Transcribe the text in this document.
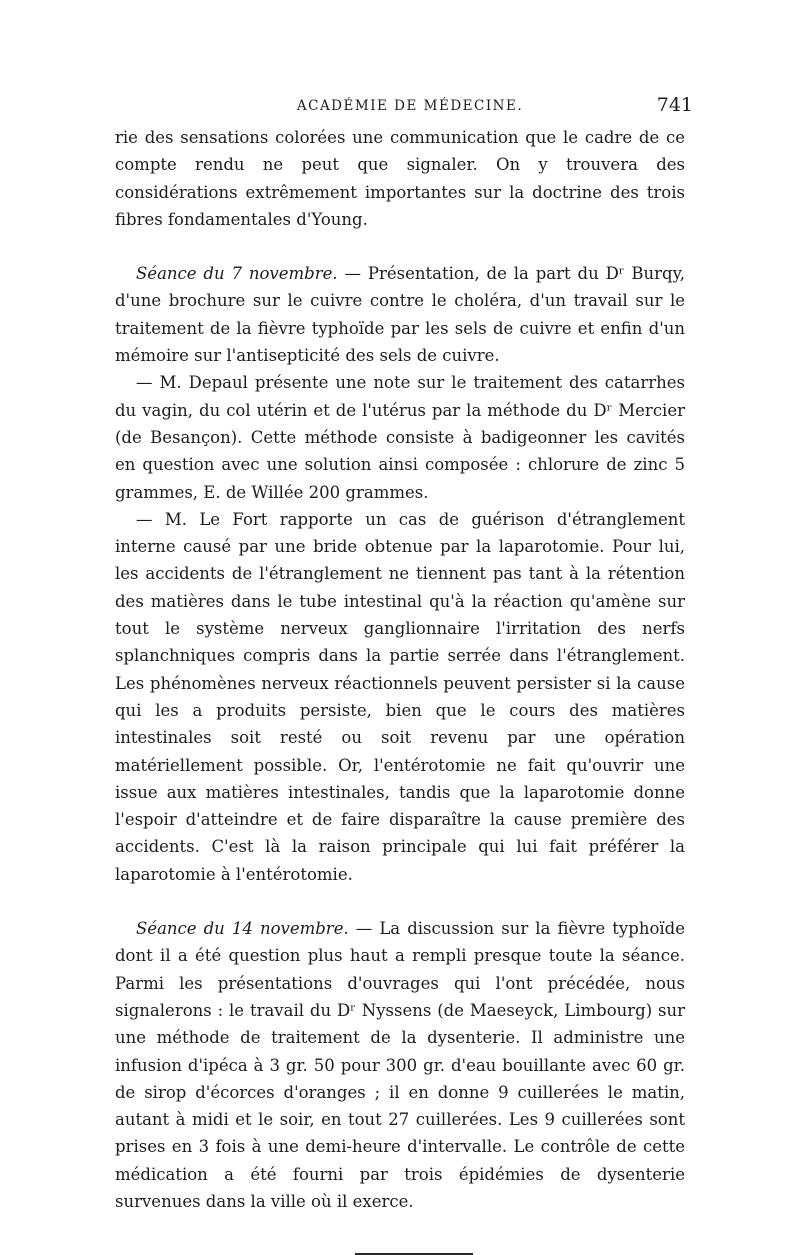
ACADÉMIE DE MÉDECINE.	741

rie des sensations colorées une communication que le cadre de ce compte rendu ne peut que signaler. On y trouvera des considérations extrêmement importantes sur la doctrine des trois fibres fondamentales d'Young.

Séance du 7 novembre. — Présentation, de la part du Dʳ Burqy, d'une brochure sur le cuivre contre le choléra, d'un travail sur le traitement de la fièvre typhoïde par les sels de cuivre et enfin d'un mémoire sur l'antisepticité des sels de cuivre.

— M. Depaul présente une note sur le traitement des catarrhes du vagin, du col utérin et de l'utérus par la méthode du Dʳ Mercier (de Besançon). Cette méthode consiste à badigeonner les cavités en question avec une solution ainsi composée : chlorure de zinc 5 grammes, E. de Willée 200 grammes.

— M. Le Fort rapporte un cas de guérison d'étranglement interne causé par une bride obtenue par la laparotomie. Pour lui, les accidents de l'étranglement ne tiennent pas tant à la rétention des matières dans le tube intestinal qu'à la réaction qu'amène sur tout le système nerveux ganglionnaire l'irritation des nerfs splanchniques compris dans la partie serrée dans l'étranglement. Les phénomènes nerveux réactionnels peuvent persister si la cause qui les a produits persiste, bien que le cours des matières intestinales soit resté ou soit revenu par une opération matériellement possible. Or, l'entérotomie ne fait qu'ouvrir une issue aux matières intestinales, tandis que la laparotomie donne l'espoir d'atteindre et de faire disparaître la cause première des accidents. C'est là la raison principale qui lui fait préférer la laparotomie à l'entérotomie.

Séance du 14 novembre. — La discussion sur la fièvre typhoïde dont il a été question plus haut a rempli presque toute la séance. Parmi les présentations d'ouvrages qui l'ont précédée, nous signalerons : le travail du Dʳ Nyssens (de Maeseyck, Limbourg) sur une méthode de traitement de la dysenterie. Il administre une infusion d'ipéca à 3 gr. 50 pour 300 gr. d'eau bouillante avec 60 gr. de sirop d'écorces d'oranges ; il en donne 9 cuillerées le matin, autant à midi et le soir, en tout 27 cuillerées. Les 9 cuillerées sont prises en 3 fois à une demi-heure d'intervalle. Le contrôle de cette médication a été fourni par trois épidémies de dysenterie survenues dans la ville où il exerce.
